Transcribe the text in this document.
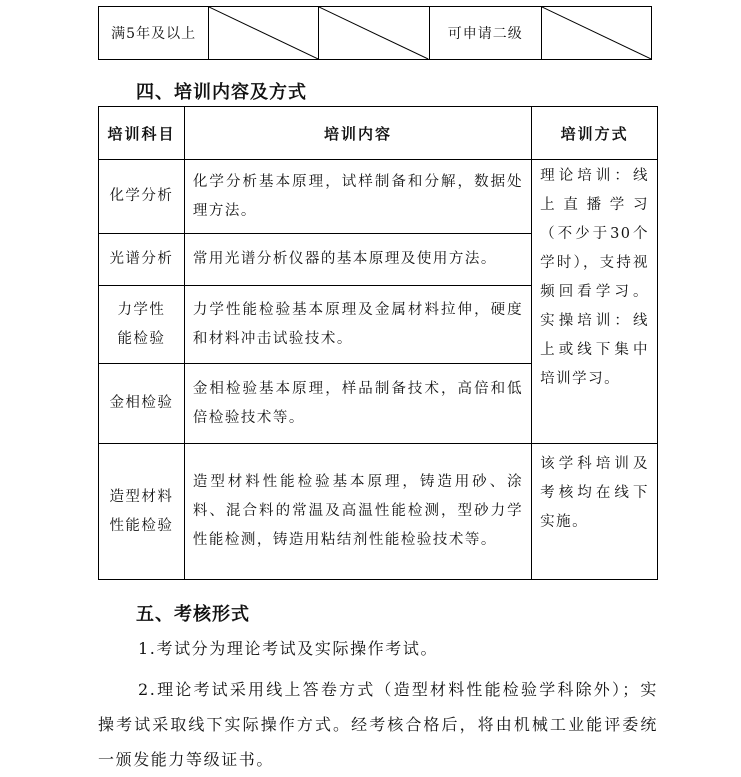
满5年及以上			可申请二级	
四、培训内容及方式
培训科目	培训内容	培训方式
化学分析	化学分析基本原理，试样制备和分解，数据处理方法。	理论培训：线上直播学习（不少于30个学时），支持视频回看学习。实操培训：线上或线下集中培训学习。
光谱分析	常用光谱分析仪器的基本原理及使用方法。	
力学性能检验	力学性能检验基本原理及金属材料拉伸，硬度和材料冲击试验技术。	
金相检验	金相检验基本原理，样品制备技术，高倍和低倍检验技术等。	
造型材料性能检验	造型材料性能检验基本原理，铸造用砂、涂料、混合料的常温及高温性能检测，型砂力学性能检测，铸造用粘结剂性能检验技术等。	该学科培训及考核均在线下实施。
五、考核形式
1.考试分为理论考试及实际操作考试。
2.理论考试采用线上答卷方式（造型材料性能检验学科除外）；实操考试采取线下实际操作方式。经考核合格后，将由机械工业能评委统一颁发能力等级证书。
